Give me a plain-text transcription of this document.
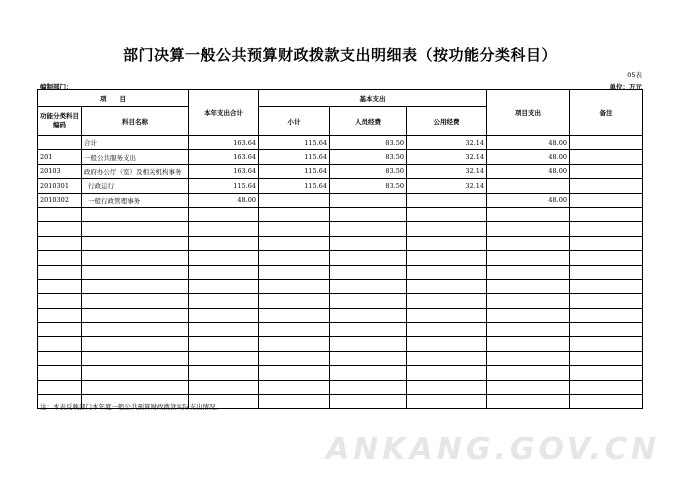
部门决算一般公共预算财政拨款支出明细表（按功能分类科目）
05表
编制部门：	单位：万元
项　　目		本年支出合计	基本支出			项目支出	备注
功能分类科目编码	科目名称		小计	人员经费	公用经费		
	合计	163.64	115.64	83.50	32.14	48.00	
201	一般公共服务支出	163.64	115.64	83.50	32.14	48.00	
20103	政府办公厅（室）及相关机构事务	163.64	115.64	83.50	32.14	48.00	
2010301	行政运行	115.64	115.64	83.50	32.14		
2010302	一般行政管理事务	48.00				48.00	

注：本表反映部门本年度一般公共预算财政拨款实际支出情况。
ANKANG.GOV.CN
